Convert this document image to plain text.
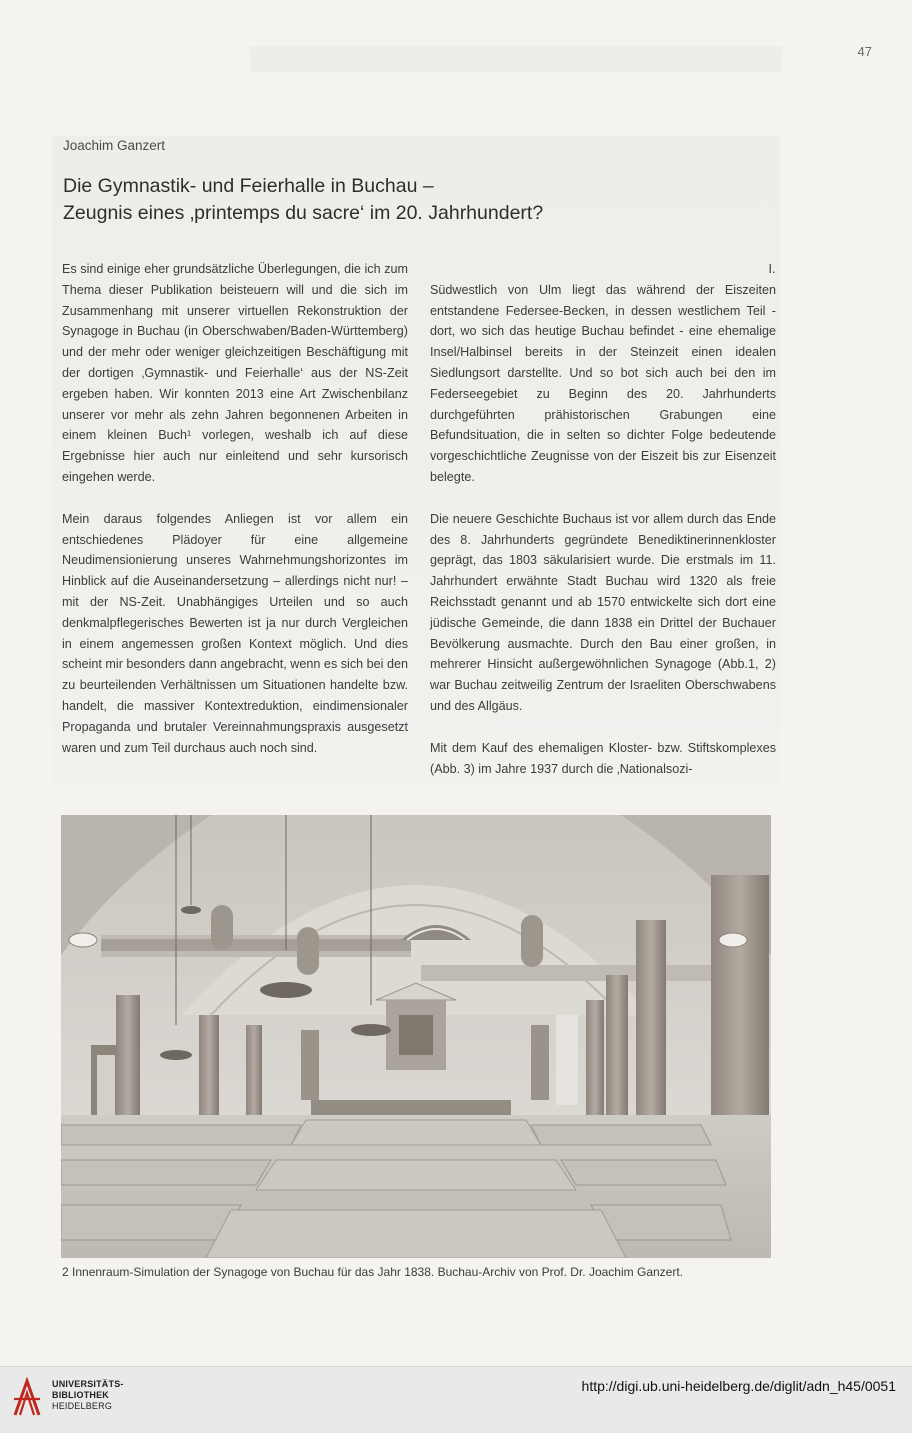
47
Joachim Ganzert
Die Gymnastik- und Feierhalle in Buchau –
Zeugnis eines ‚printemps du sacre‘ im 20. Jahrhundert?

Es sind einige eher grundsätzliche Überlegungen, die ich zum Thema dieser Publikation beisteuern will und die sich im Zusammenhang mit unserer virtuellen Rekonstruktion der Synagoge in Buchau (in Oberschwaben/Baden-Württemberg) und der mehr oder weniger gleichzeitigen Beschäftigung mit der dortigen ‚Gymnastik- und Feierhalle‘ aus der NS-Zeit ergeben haben. Wir konnten 2013 eine Art Zwischenbilanz unserer vor mehr als zehn Jahren begonnenen Arbeiten in einem kleinen Buch¹ vorlegen, weshalb ich auf diese Ergebnisse hier auch nur einleitend und sehr kursorisch eingehen werde.

Mein daraus folgendes Anliegen ist vor allem ein entschiedenes Plädoyer für eine allgemeine Neudimensionierung unseres Wahrnehmungshorizontes im Hinblick auf die Auseinandersetzung – allerdings nicht nur! – mit der NS-Zeit. Unabhängiges Urteilen und so auch denkmalpflegerisches Bewerten ist ja nur durch Vergleichen in einem angemessen großen Kontext möglich. Und dies scheint mir besonders dann angebracht, wenn es sich bei den zu beurteilenden Verhältnissen um Situationen handelte bzw. handelt, die massiver Kontextreduktion, eindimensionaler Propaganda und brutaler Vereinnahmungspraxis ausgesetzt waren und zum Teil durchaus auch noch sind.

I.

Südwestlich von Ulm liegt das während der Eiszeiten entstandene Federsee-Becken, in dessen westlichem Teil - dort, wo sich das heutige Buchau befindet - eine ehemalige Insel/Halbinsel bereits in der Steinzeit einen idealen Siedlungsort darstellte. Und so bot sich auch bei den im Federseegebiet zu Beginn des 20. Jahrhunderts durchgeführten prähistorischen Grabungen eine Befundsituation, die in selten so dichter Folge bedeutende vorgeschichtliche Zeugnisse von der Eiszeit bis zur Eisenzeit belegte.

Die neuere Geschichte Buchaus ist vor allem durch das Ende des 8. Jahrhunderts gegründete Benediktinerinnenkloster geprägt, das 1803 säkularisiert wurde. Die erstmals im 11. Jahrhundert erwähnte Stadt Buchau wird 1320 als freie Reichsstadt genannt und ab 1570 entwickelte sich dort eine jüdische Gemeinde, die dann 1838 ein Drittel der Buchauer Bevölkerung ausmachte. Durch den Bau einer großen, in mehrerer Hinsicht außergewöhnlichen Synagoge (Abb.1, 2) war Buchau zeitweilig Zentrum der Israeliten Oberschwabens und des Allgäus.

Mit dem Kauf des ehemaligen Kloster- bzw. Stiftskomplexes (Abb. 3) im Jahre 1937 durch die ‚Nationalsozi-

2 Innenraum-Simulation der Synagoge von Buchau für das Jahr 1838. Buchau-Archiv von Prof. Dr. Joachim Ganzert.
UNIVERSITÄTS-
BIBLIOTHEK
HEIDELBERG
http://digi.ub.uni-heidelberg.de/diglit/adn_h45/0051
